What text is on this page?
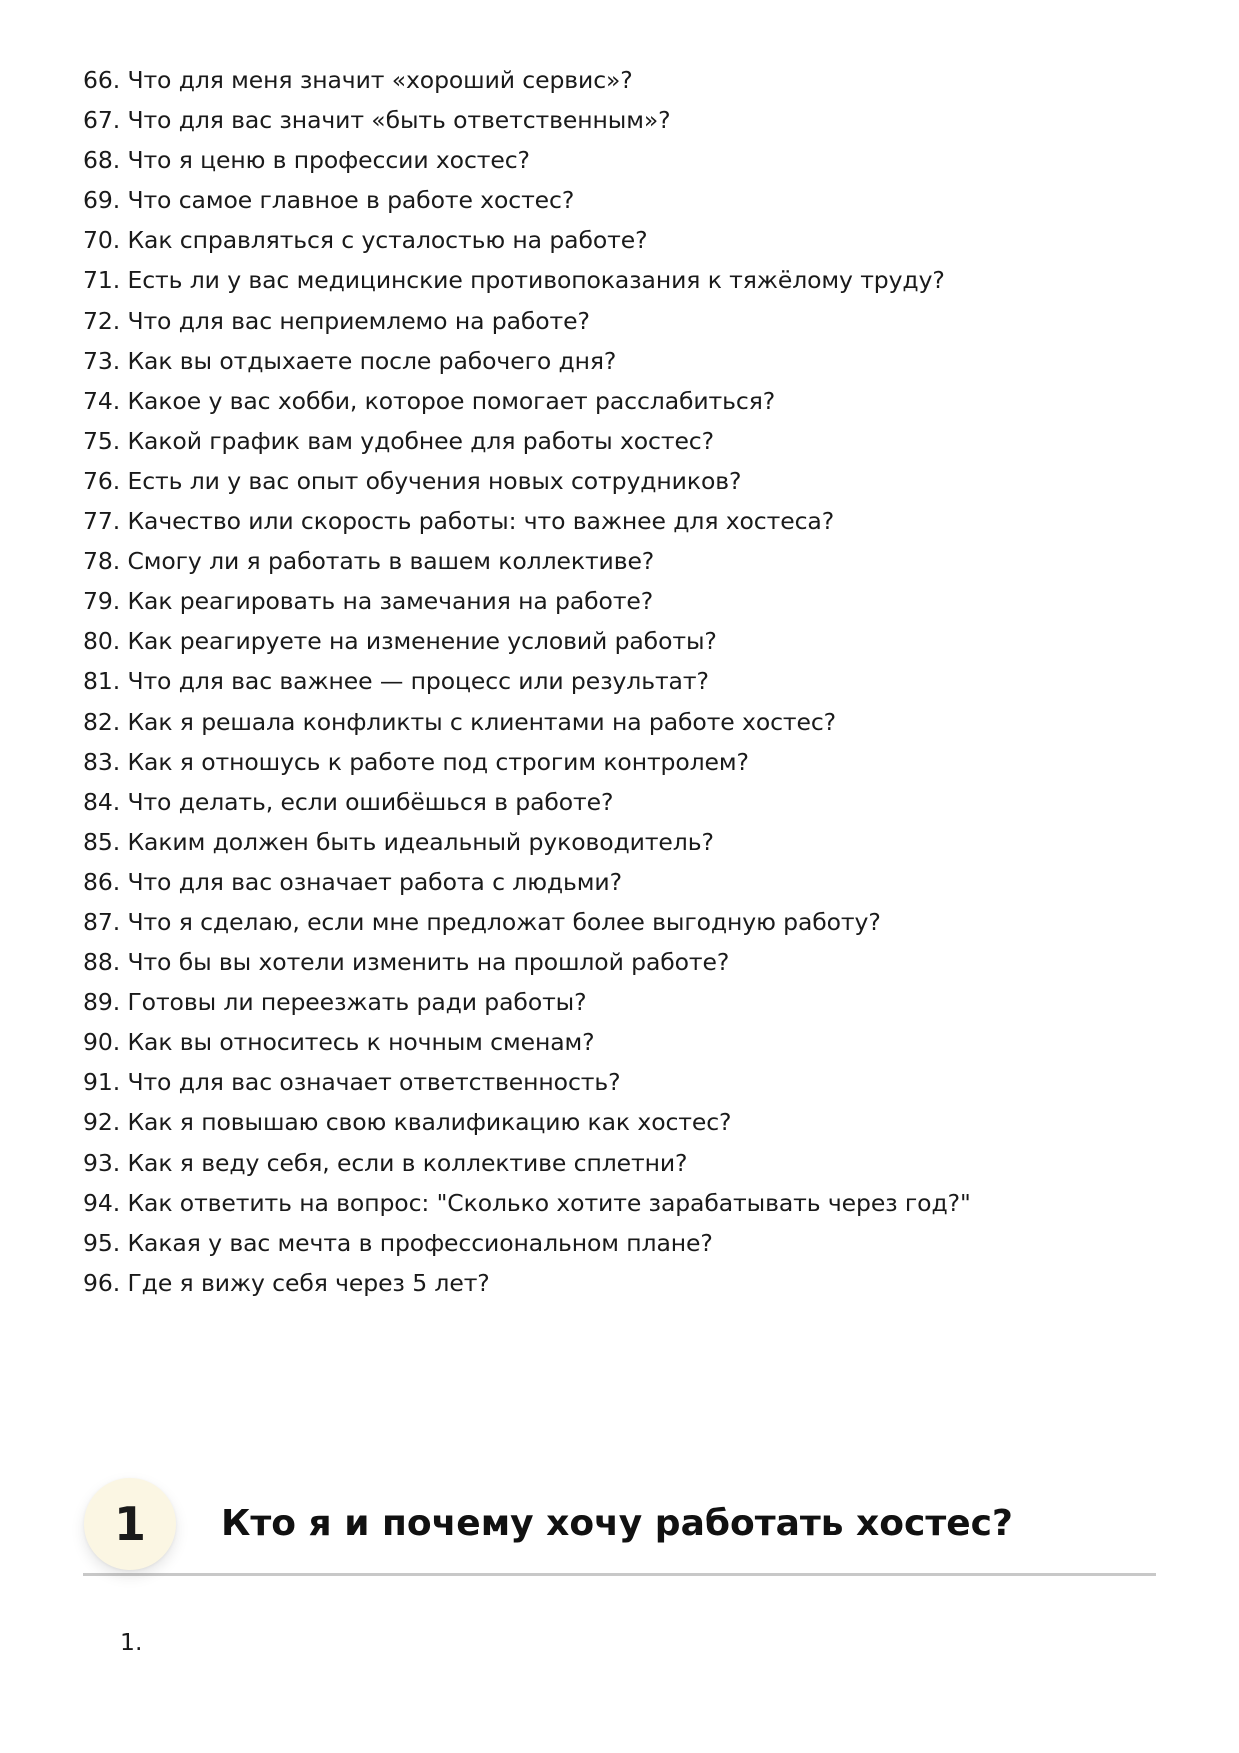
66. Что для меня значит «хороший сервис»?
67. Что для вас значит «быть ответственным»?
68. Что я ценю в профессии хостес?
69. Что самое главное в работе хостес?
70. Как справляться с усталостью на работе?
71. Есть ли у вас медицинские противопоказания к тяжёлому труду?
72. Что для вас неприемлемо на работе?
73. Как вы отдыхаете после рабочего дня?
74. Какое у вас хобби, которое помогает расслабиться?
75. Какой график вам удобнее для работы хостес?
76. Есть ли у вас опыт обучения новых сотрудников?
77. Качество или скорость работы: что важнее для хостеса?
78. Смогу ли я работать в вашем коллективе?
79. Как реагировать на замечания на работе?
80. Как реагируете на изменение условий работы?
81. Что для вас важнее — процесс или результат?
82. Как я решала конфликты с клиентами на работе хостес?
83. Как я отношусь к работе под строгим контролем?
84. Что делать, если ошибёшься в работе?
85. Каким должен быть идеальный руководитель?
86. Что для вас означает работа с людьми?
87. Что я сделаю, если мне предложат более выгодную работу?
88. Что бы вы хотели изменить на прошлой работе?
89. Готовы ли переезжать ради работы?
90. Как вы относитесь к ночным сменам?
91. Что для вас означает ответственность?
92. Как я повышаю свою квалификацию как хостес?
93. Как я веду себя, если в коллективе сплетни?
94. Как ответить на вопрос: "Сколько хотите зарабатывать через год?"
95. Какая у вас мечта в профессиональном плане?
96. Где я вижу себя через 5 лет?
1	Кто я и почему хочу работать хостес?
1.
